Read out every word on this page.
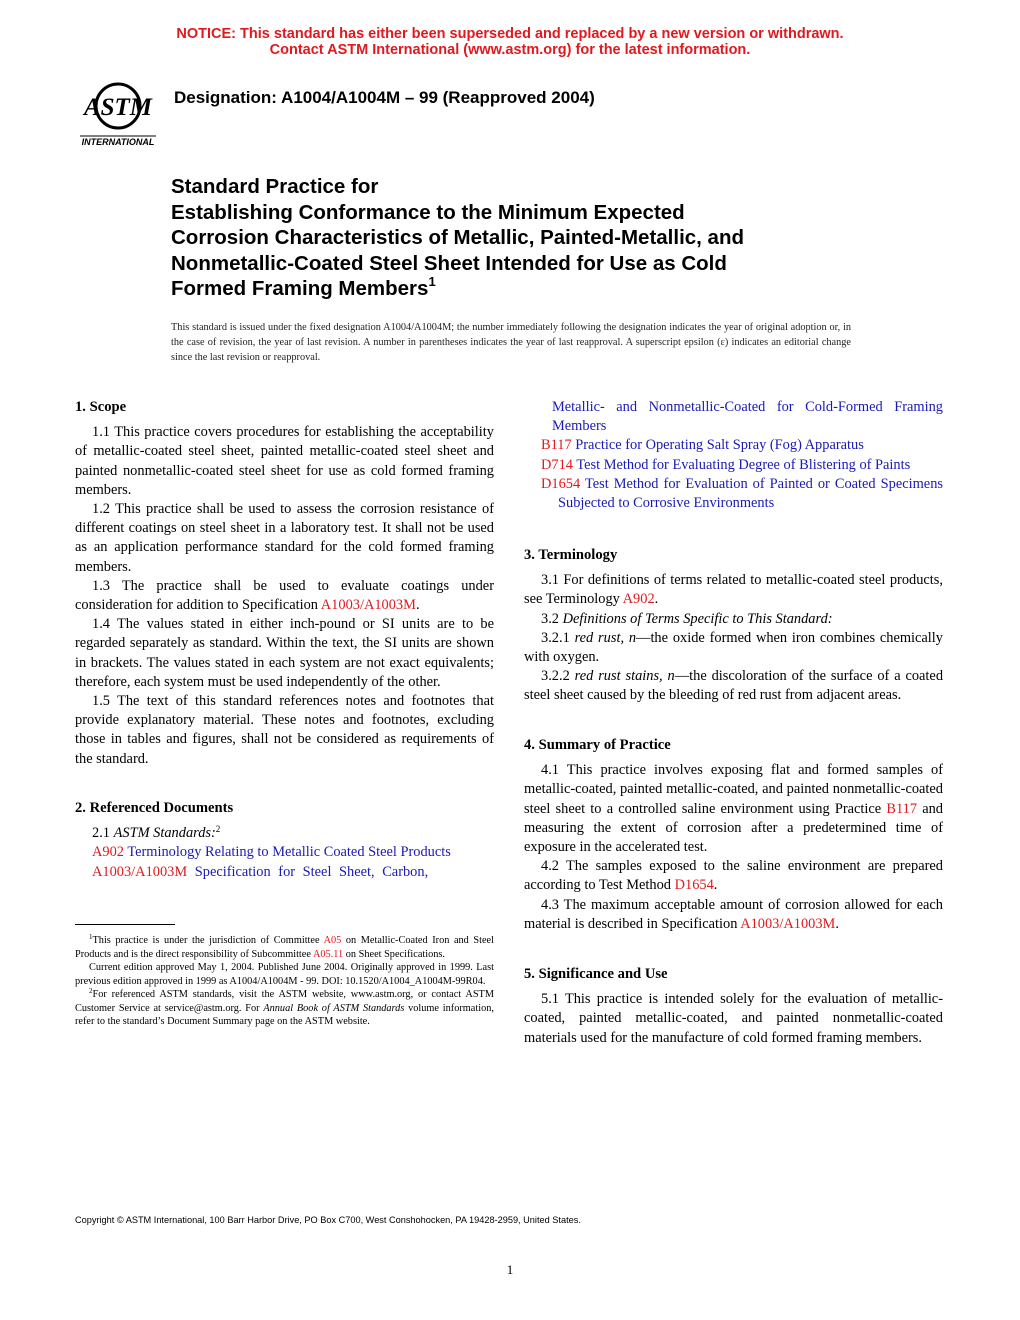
NOTICE: This standard has either been superseded and replaced by a new version or withdrawn.
Contact ASTM International (www.astm.org) for the latest information.
ASTM
INTERNATIONAL
Designation: A1004/A1004M – 99 (Reapproved 2004)
Standard Practice for
Establishing Conformance to the Minimum Expected
Corrosion Characteristics of Metallic, Painted-Metallic, and
Nonmetallic-Coated Steel Sheet Intended for Use as Cold
Formed Framing Members$^1$
This standard is issued under the fixed designation A1004/A1004M; the number immediately following the designation indicates the year of original adoption or, in the case of revision, the year of last revision. A number in parentheses indicates the year of last reapproval. A superscript epsilon (ε) indicates an editorial change since the last revision or reapproval.
1. Scope

1.1 This practice covers procedures for establishing the acceptability of metallic-coated steel sheet, painted metallic-coated steel sheet and painted nonmetallic-coated steel sheet for use as cold formed framing members.

1.2 This practice shall be used to assess the corrosion resistance of different coatings on steel sheet in a laboratory test. It shall not be used as an application performance standard for the cold formed framing members.

1.3 The practice shall be used to evaluate coatings under consideration for addition to Specification A1003/A1003M.

1.4 The values stated in either inch-pound or SI units are to be regarded separately as standard. Within the text, the SI units are shown in brackets. The values stated in each system are not exact equivalents; therefore, each system must be used independently of the other.

1.5 The text of this standard references notes and footnotes that provide explanatory material. These notes and footnotes, excluding those in tables and figures, shall not be considered as requirements of the standard.

2. Referenced Documents

2.1 ASTM Standards:$^2$

A902 Terminology Relating to Metallic Coated Steel Products

A1003/A1003M Specification for Steel Sheet, Carbon,

$^1$This practice is under the jurisdiction of Committee A05 on Metallic-Coated Iron and Steel Products and is the direct responsibility of Subcommittee A05.11 on Sheet Specifications.

Current edition approved May 1, 2004. Published June 2004. Originally approved in 1999. Last previous edition approved in 1999 as A1004/A1004M - 99. DOI: 10.1520/A1004_A1004M-99R04.

$^2$For referenced ASTM standards, visit the ASTM website, www.astm.org, or contact ASTM Customer Service at service@astm.org. For Annual Book of ASTM Standards volume information, refer to the standard’s Document Summary page on the ASTM website.

Metallic- and Nonmetallic-Coated for Cold-Formed Framing Members

B117 Practice for Operating Salt Spray (Fog) Apparatus

D714 Test Method for Evaluating Degree of Blistering of Paints

D1654 Test Method for Evaluation of Painted or Coated Specimens Subjected to Corrosive Environments

3. Terminology

3.1 For definitions of terms related to metallic-coated steel products, see Terminology A902.

3.2 Definitions of Terms Specific to This Standard:

3.2.1 red rust, n—the oxide formed when iron combines chemically with oxygen.

3.2.2 red rust stains, n—the discoloration of the surface of a coated steel sheet caused by the bleeding of red rust from adjacent areas.

4. Summary of Practice

4.1 This practice involves exposing flat and formed samples of metallic-coated, painted metallic-coated, and painted nonmetallic-coated steel sheet to a controlled saline environment using Practice B117 and measuring the extent of corrosion after a predetermined time of exposure in the accelerated test.

4.2 The samples exposed to the saline environment are prepared according to Test Method D1654.

4.3 The maximum acceptable amount of corrosion allowed for each material is described in Specification A1003/A1003M.

5. Significance and Use

5.1 This practice is intended solely for the evaluation of metallic-coated, painted metallic-coated, and painted nonmetallic-coated materials used for the manufacture of cold formed framing members.

Copyright © ASTM International, 100 Barr Harbor Drive, PO Box C700, West Conshohocken, PA 19428-2959, United States.
1
